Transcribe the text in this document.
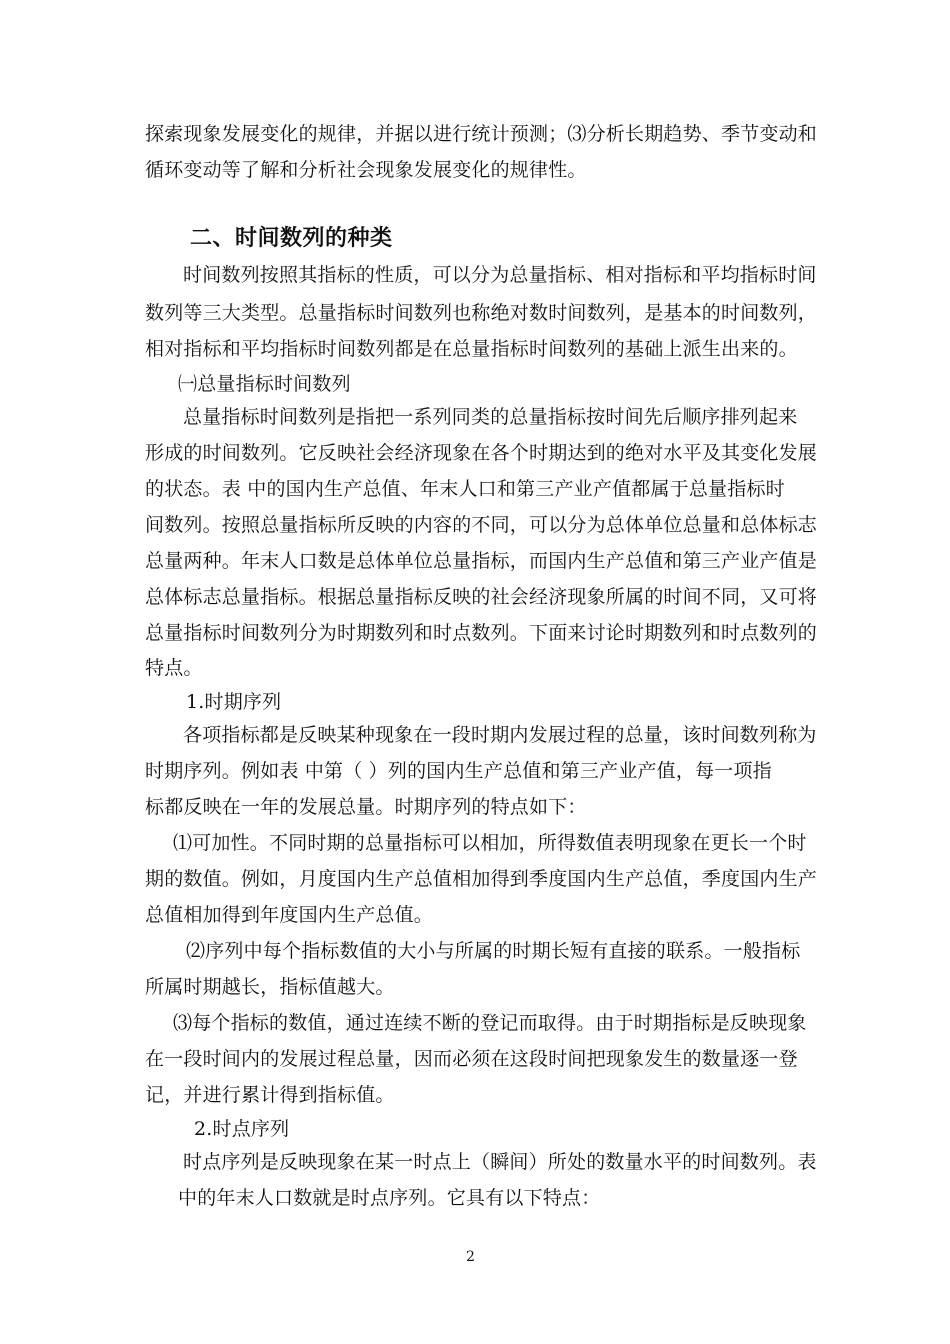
探索现象发展变化的规律，并据以进行统计预测；⑶分析长期趋势、季节变动和
循环变动等了解和分析社会现象发展变化的规律性。
二、时间数列的种类
时间数列按照其指标的性质，可以分为总量指标、相对指标和平均指标时间
数列等三大类型。总量指标时间数列也称绝对数时间数列，是基本的时间数列，
相对指标和平均指标时间数列都是在总量指标时间数列的基础上派生出来的。
㈠总量指标时间数列
总量指标时间数列是指把一系列同类的总量指标按时间先后顺序排列起来
形成的时间数列。它反映社会经济现象在各个时期达到的绝对水平及其变化发展
的状态。表 中的国内生产总值、年末人口和第三产业产值都属于总量指标时
间数列。按照总量指标所反映的内容的不同，可以分为总体单位总量和总体标志
总量两种。年末人口数是总体单位总量指标，而国内生产总值和第三产业产值是
总体标志总量指标。根据总量指标反映的社会经济现象所属的时间不同，又可将
总量指标时间数列分为时期数列和时点数列。下面来讨论时期数列和时点数列的
特点。
1.时期序列
各项指标都是反映某种现象在一段时期内发展过程的总量，该时间数列称为
时期序列。例如表 中第（ ）列的国内生产总值和第三产业产值，每一项指
标都反映在一年的发展总量。时期序列的特点如下：
⑴可加性。不同时期的总量指标可以相加，所得数值表明现象在更长一个时
期的数值。例如，月度国内生产总值相加得到季度国内生产总值，季度国内生产
总值相加得到年度国内生产总值。
⑵序列中每个指标数值的大小与所属的时期长短有直接的联系。一般指标
所属时期越长，指标值越大。
⑶每个指标的数值，通过连续不断的登记而取得。由于时期指标是反映现象
在一段时间内的发展过程总量，因而必须在这段时间把现象发生的数量逐一登
记，并进行累计得到指标值。
2.时点序列
时点序列是反映现象在某一时点上（瞬间）所处的数量水平的时间数列。表
中的年末人口数就是时点序列。它具有以下特点：
2
